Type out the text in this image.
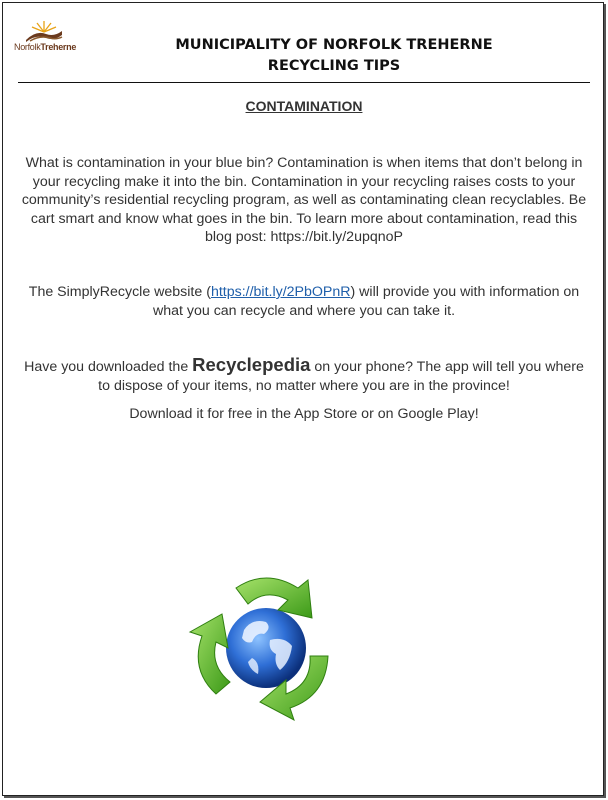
NorfolkTreherne	MUNICIPALITY OF NORFOLK TREHERNE
RECYCLING TIPS
CONTAMINATION
What is contamination in your blue bin? Contamination is when items that don’t belong in your recycling make it into the bin. Contamination in your recycling raises costs to your community’s residential recycling program, as well as contaminating clean recyclables. Be cart smart and know what goes in the bin. To learn more about contamination, read this blog post: https://bit.ly/2upqnoP
The SimplyRecycle website (https://bit.ly/2PbOPnR) will provide you with information on what you can recycle and where you can take it.
Have you downloaded the Recyclepedia on your phone? The app will tell you where to dispose of your items, no matter where you are in the province!
Download it for free in the App Store or on Google Play!
